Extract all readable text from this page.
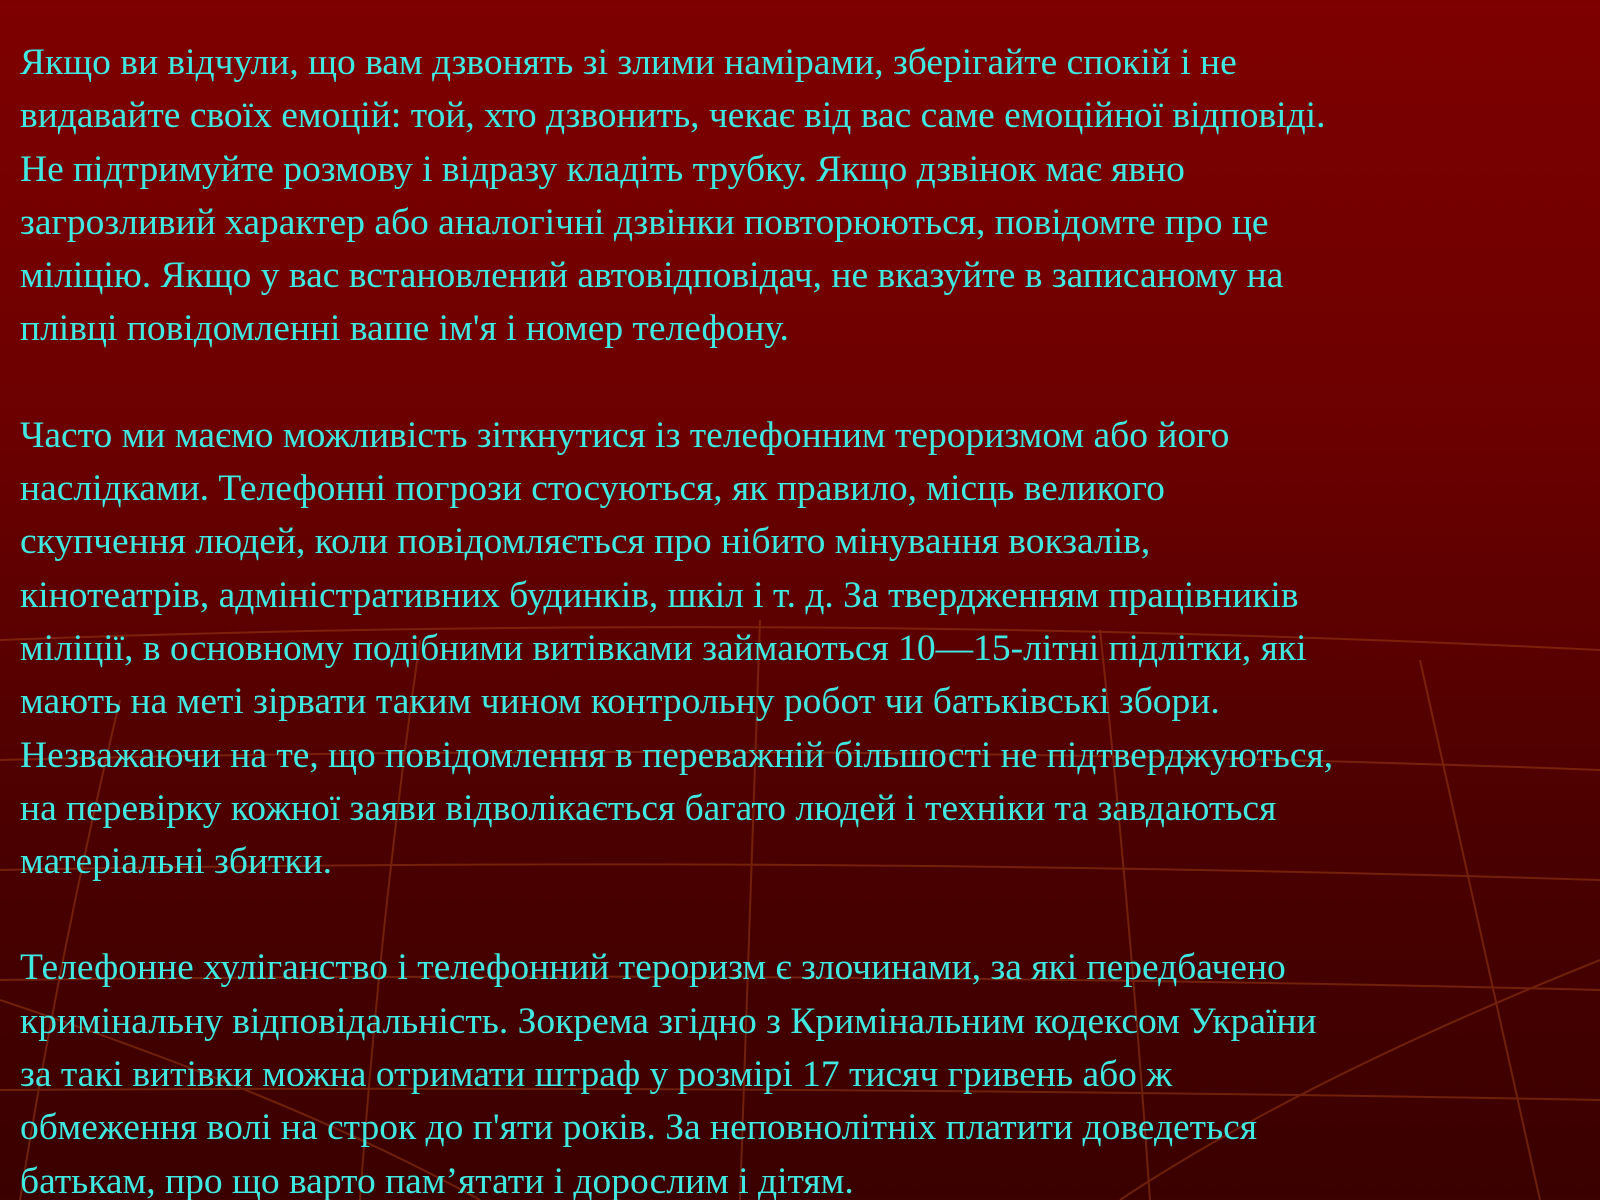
Якщо ви відчули, що вам дзвонять зі злими намірами, зберігайте спокій і не
видавайте своїх емоцій: той, хто дзвонить, чекає від вас саме емоційної відповіді.
Не підтримуйте розмову і відразу кладіть трубку. Якщо дзвінок має явно
загрозливий характер або аналогічні дзвінки повторюються, повідомте про це
міліцію. Якщо у вас встановлений автовідповідач, не вказуйте в записаному на
плівці повідомленні ваше ім'я і номер телефону.

Часто ми маємо можливість зіткнутися із телефонним тероризмом або його
наслідками. Телефонні погрози стосуються, як правило, місць великого
скупчення людей, коли повідомляється про нібито мінування вокзалів,
кінотеатрів, адміністративних будинків, шкіл і т. д. За твердженням працівників
міліції, в основному подібними витівками займаються 10—15-літні підлітки, які
мають на меті зірвати таким чином контрольну робот чи батьківські збори.
Незважаючи на те, що повідомлення в переважній більшості не підтверджуються,
на перевірку кожної заяви відволікається багато людей і техніки та завдаються
матеріальні збитки.

Телефонне хуліганство і телефонний тероризм є злочинами, за які передбачено
кримінальну відповідальність. Зокрема згідно з Кримінальним кодексом України
за такі витівки можна отримати штраф у розмірі 17 тисяч гривень або ж
обмеження волі на строк до п'яти років. За неповнолітніх платити доведеться
батькам, про що варто пам’ятати і дорослим і дітям.
